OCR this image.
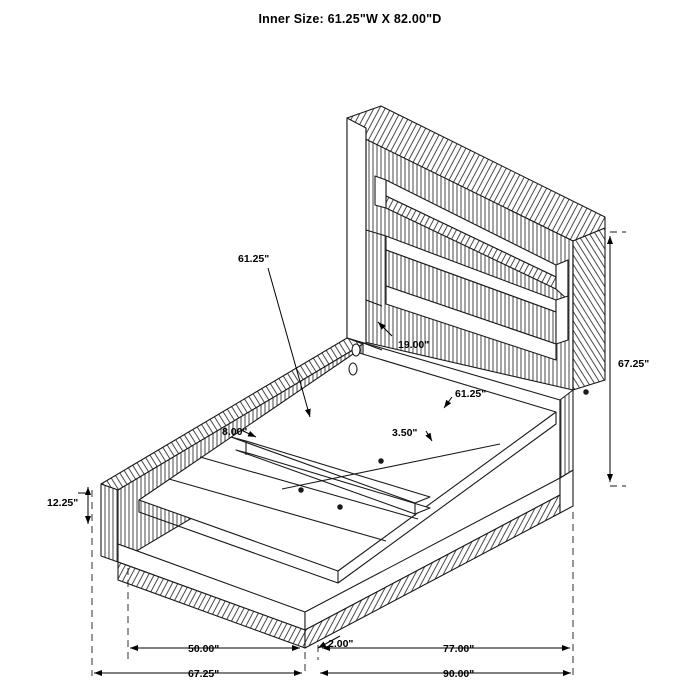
Inner Size: 61.25"W X 82.00"D
61.25"
67.25"
19.00"
61.25"
8.00"	3.50"
12.25"
50.00"	2.00"	77.00"
67.25"	90.00"
